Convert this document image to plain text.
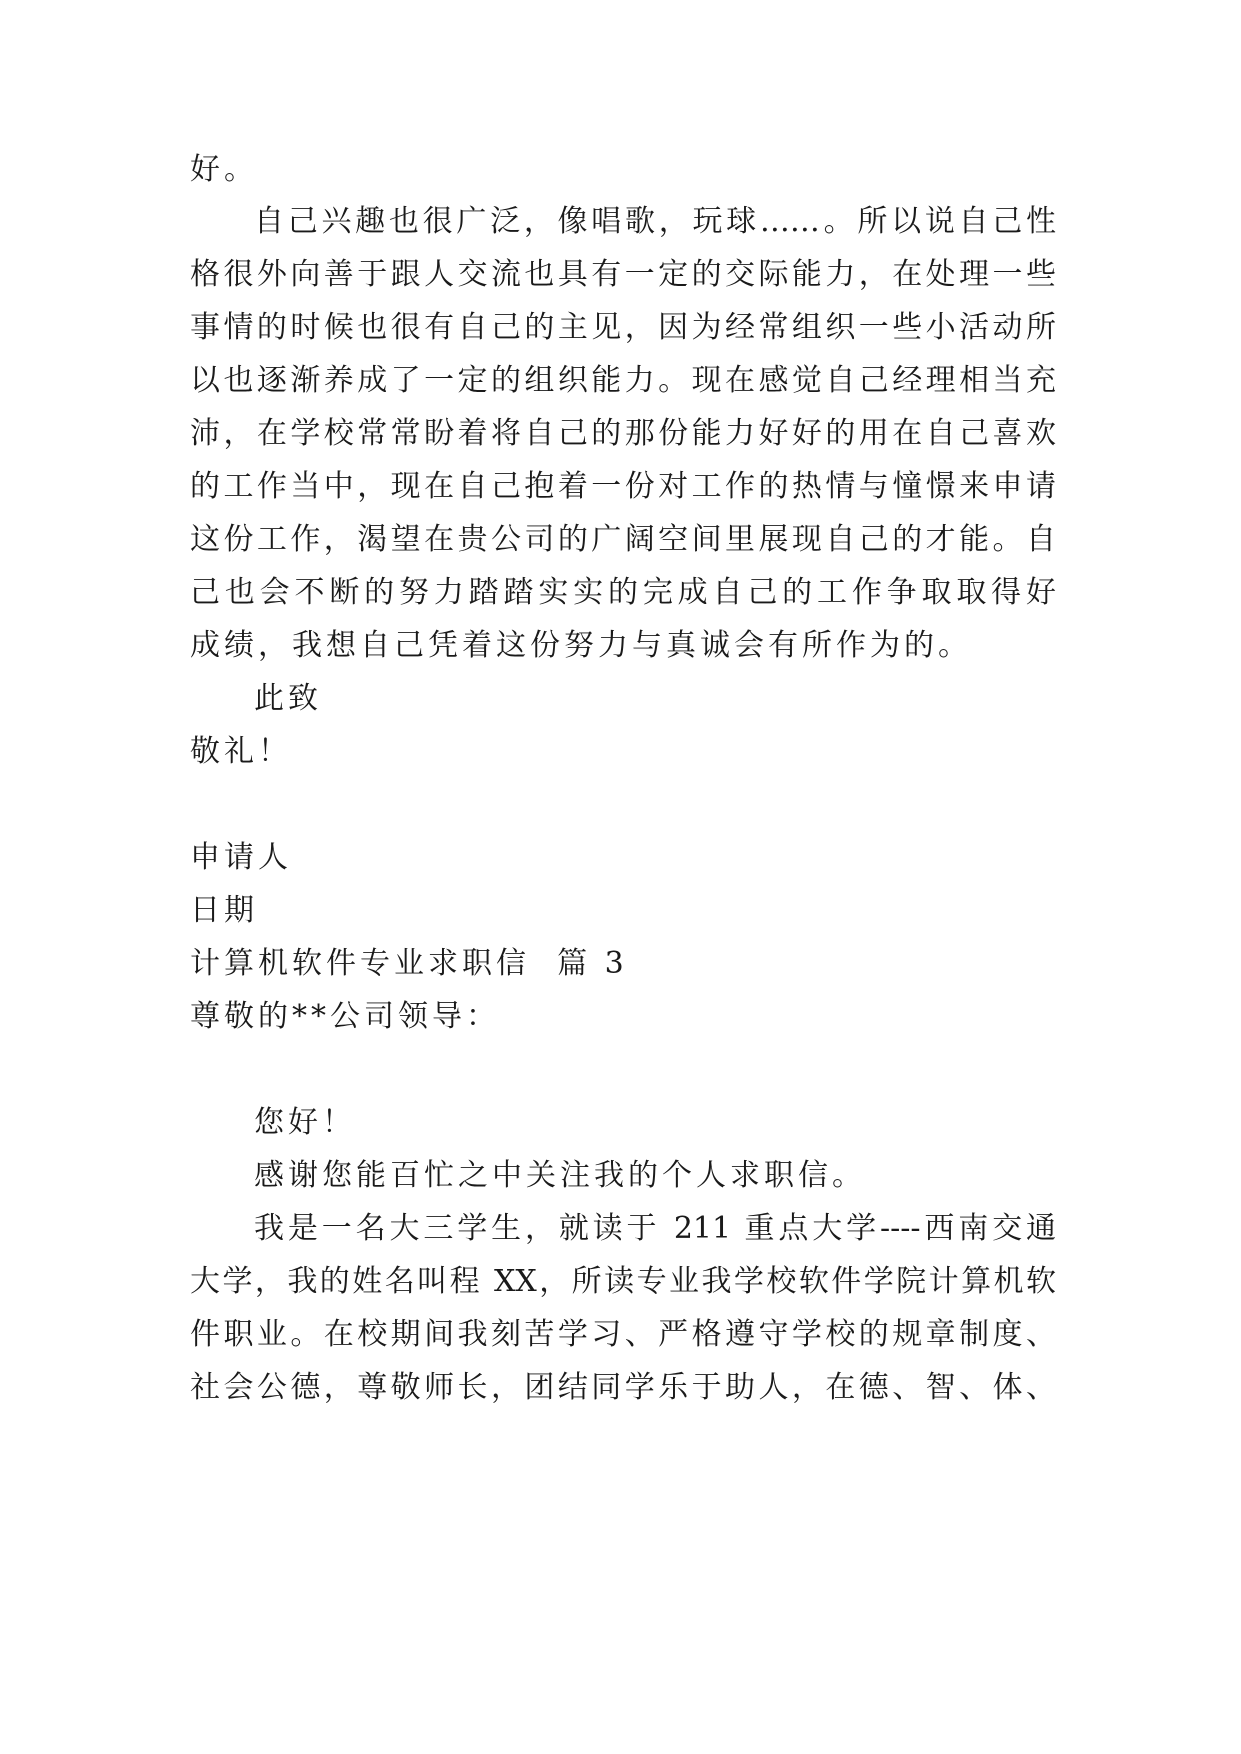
好。
自己兴趣也很广泛，像唱歌，玩球……。所以说自己性
格很外向善于跟人交流也具有一定的交际能力，在处理一些
事情的时候也很有自己的主见，因为经常组织一些小活动所
以也逐渐养成了一定的组织能力。现在感觉自己经理相当充
沛，在学校常常盼着将自己的那份能力好好的用在自己喜欢
的工作当中，现在自己抱着一份对工作的热情与憧憬来申请
这份工作，渴望在贵公司的广阔空间里展现自己的才能。自
己也会不断的努力踏踏实实的完成自己的工作争取取得好
成绩，我想自己凭着这份努力与真诚会有所作为的。
此致
敬礼！
申请人
日期
计算机软件专业求职信  篇 3
尊敬的**公司领导：
您好！
感谢您能百忙之中关注我的个人求职信。
我是一名大三学生，就读于 211 重点大学----西南交通
大学，我的姓名叫程 XX，所读专业我学校软件学院计算机软
件职业。在校期间我刻苦学习、严格遵守学校的规章制度、
社会公德，尊敬师长，团结同学乐于助人，在德、智、体、
